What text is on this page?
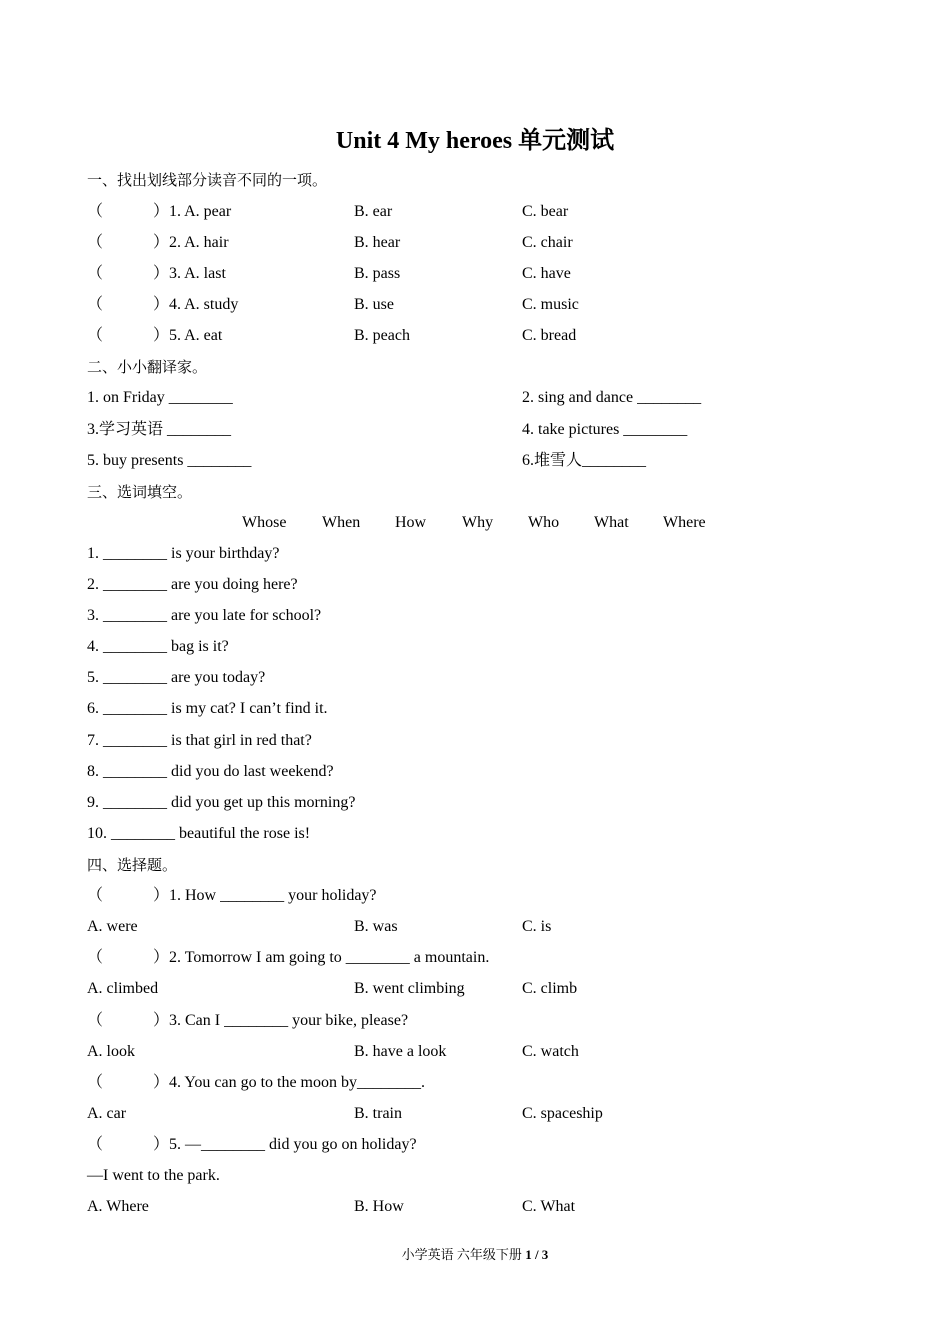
Unit 4 My heroes 单元测试
一、找出划线部分读音不同的一项。
（	）1. A. pear	B. ear	C. bear
（	）2. A. hair	B. hear	C. chair
（	）3. A. last	B. pass	C. have
（	）4. A. study	B. use	C. music
（	）5. A. eat	B. peach	C. bread
二、小小翻译家。
1. on Friday ________	2. sing and dance ________
3.学习英语 ________	4. take pictures ________
5. buy presents ________	6.堆雪人________
三、选词填空。
Whose When How Why Who What Where
1. ________ is your birthday?
2. ________ are you doing here?
3. ________ are you late for school?
4. ________ bag is it?
5. ________ are you today?
6. ________ is my cat? I can’t find it.
7. ________ is that girl in red that?
8. ________ did you do last weekend?
9. ________ did you get up this morning?
10. ________ beautiful the rose is!
四、选择题。
（	）1. How ________ your holiday?
A. were	B. was	C. is
（	）2. Tomorrow I am going to ________ a mountain.
A. climbed	B. went climbing	C. climb
（	）3. Can I ________ your bike, please?
A. look	B. have a look	C. watch
（	）4. You can go to the moon by________.
A. car	B. train	C. spaceship
（	）5. —________ did you go on holiday?
—I went to the park.
A. Where	B. How	C. What
小学英语 六年级下册 1 / 3
